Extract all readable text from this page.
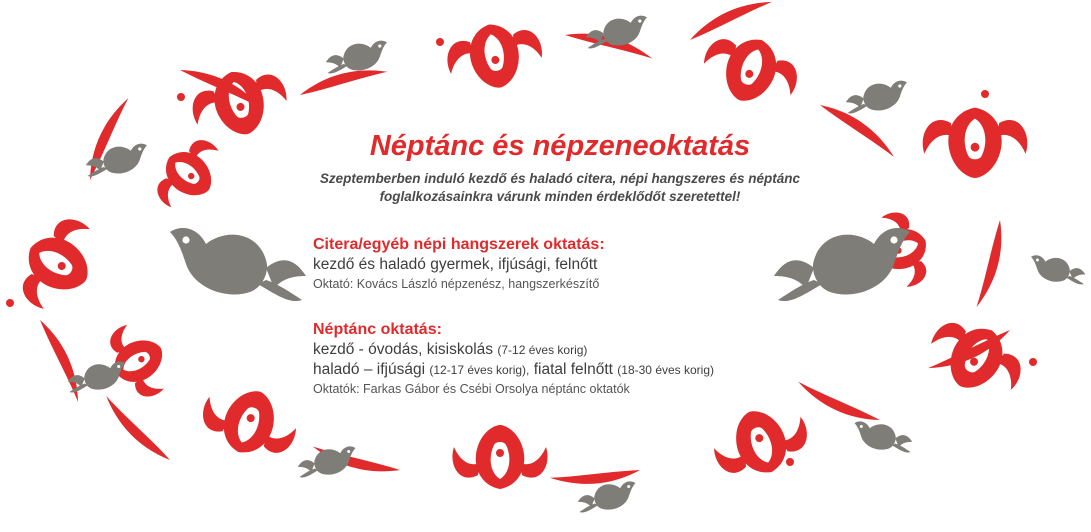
Néptánc és népzeneoktatás
Szeptemberben induló kezdő és haladó citera, népi hangszeres és néptánc
foglalkozásainkra várunk minden érdeklődőt szeretettel!
Citera/egyéb népi hangszerek oktatás:
kezdő és haladó gyermek, ifjúsági, felnőtt
Oktató: Kovács László népzenész, hangszerkészítő
Néptánc oktatás:
kezdő - óvodás, kisiskolás (7-12 éves korig)
haladó – ifjúsági (12-17 éves korig), fiatal felnőtt (18-30 éves korig)
Oktatók: Farkas Gábor és Csébi Orsolya néptánc oktatók
